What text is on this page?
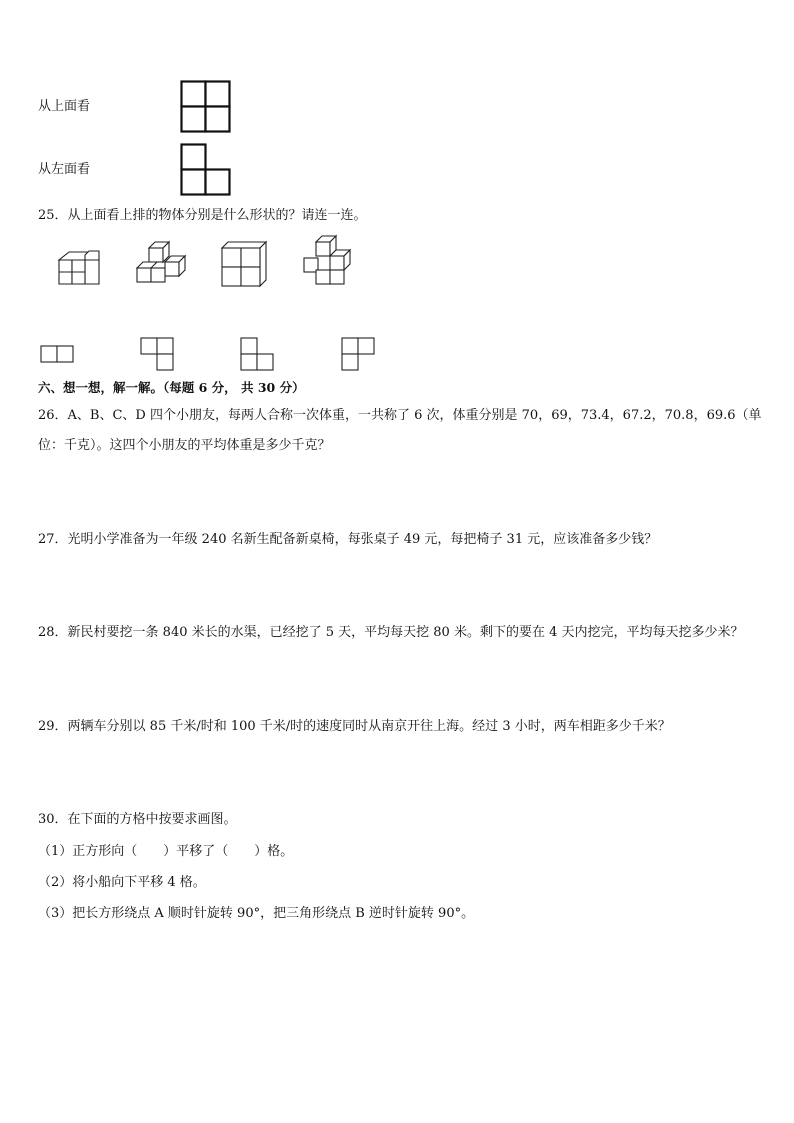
从上面看
从左面看
25．从上面看上排的物体分别是什么形状的？请连一连。
六、想一想，解一解。（每题 6 分， 共 30 分）
26．A、B、C、D 四个小朋友，每两人合称一次体重，一共称了 6 次，体重分别是 70，69，73.4，67.2，70.8，69.6（单
位：千克）。这四个小朋友的平均体重是多少千克？
27．光明小学准备为一年级 240 名新生配备新桌椅，每张桌子 49 元，每把椅子 31 元，应该准备多少钱？
28．新民村要挖一条 840 米长的水渠，已经挖了 5 天，平均每天挖 80 米。剩下的要在 4 天内挖完，平均每天挖多少米？
29．两辆车分别以 85 千米/时和 100 千米/时的速度同时从南京开往上海。经过 3 小时，两车相距多少千米？
30．在下面的方格中按要求画图。
（1）正方形向（　　）平移了（　　）格。
（2）将小船向下平移 4 格。
（3）把长方形绕点 A 顺时针旋转 90°，把三角形绕点 B 逆时针旋转 90°。
